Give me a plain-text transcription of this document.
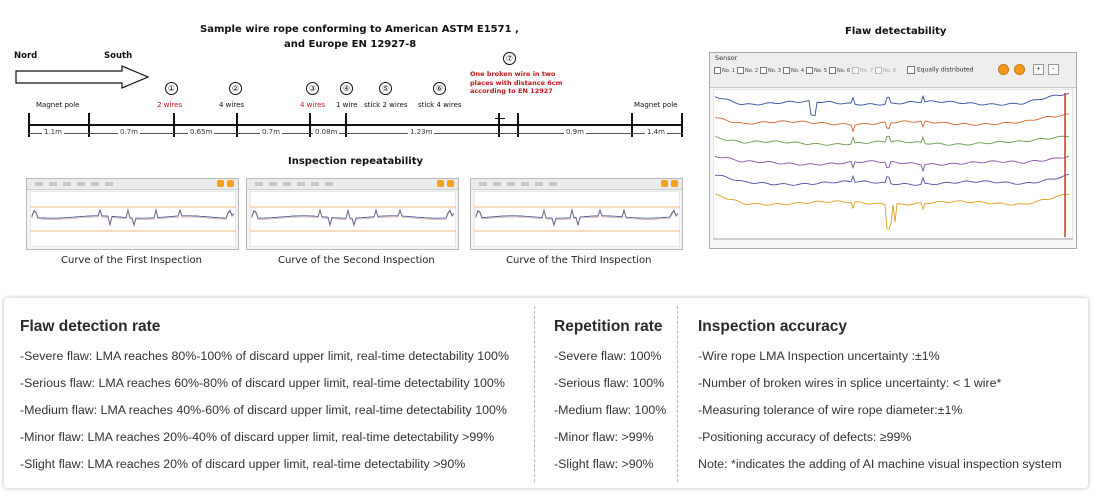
Sample wire rope conforming to American ASTM E1571 ,
and Europe EN 12927-8
Nord	South
①	②	③	④	⑤	⑥
⑦
Magnet pole	2 wires	4 wires	4 wires 1 wire stick 2 wires stick 4 wires
One broken wire in two places with distance 6cm according to EN 12927
Magnet pole
1.1m	0.7m	0.65m	0.7m	0.08m	1.23m	0.9m	1.4m
Inspection repeatability
Curve of the First Inspection	Curve of the Second Inspection	Curve of the Third Inspection
Flaw detectability
Sensor
No. 1	No. 2	No. 3	No. 4	No. 5	No. 6	No. 7	No. 8	Equally distributed	+	-
Flaw detection rate
-Severe flaw: LMA reaches 80%-100% of discard upper limit, real-time detectability 100%
-Serious flaw: LMA reaches 60%-80% of discard upper limit, real-time detectability 100%
-Medium flaw: LMA reaches 40%-60% of discard upper limit, real-time detectability 100%
-Minor flaw: LMA reaches 20%-40% of discard upper limit, real-time detectability >99%
-Slight flaw: LMA reaches 20% of discard upper limit, real-time detectability >90%
Repetition rate
-Severe flaw: 100%
-Serious flaw: 100%
-Medium flaw: 100%
-Minor flaw: >99%
-Slight flaw: >90%
Inspection accuracy
-Wire rope LMA Inspection uncertainty :±1%
-Number of broken wires in splice uncertainty: < 1 wire*
-Measuring tolerance of wire rope diameter:±1%
-Positioning accuracy of defects: ≥99%
Note: *indicates the adding of AI machine visual inspection system
